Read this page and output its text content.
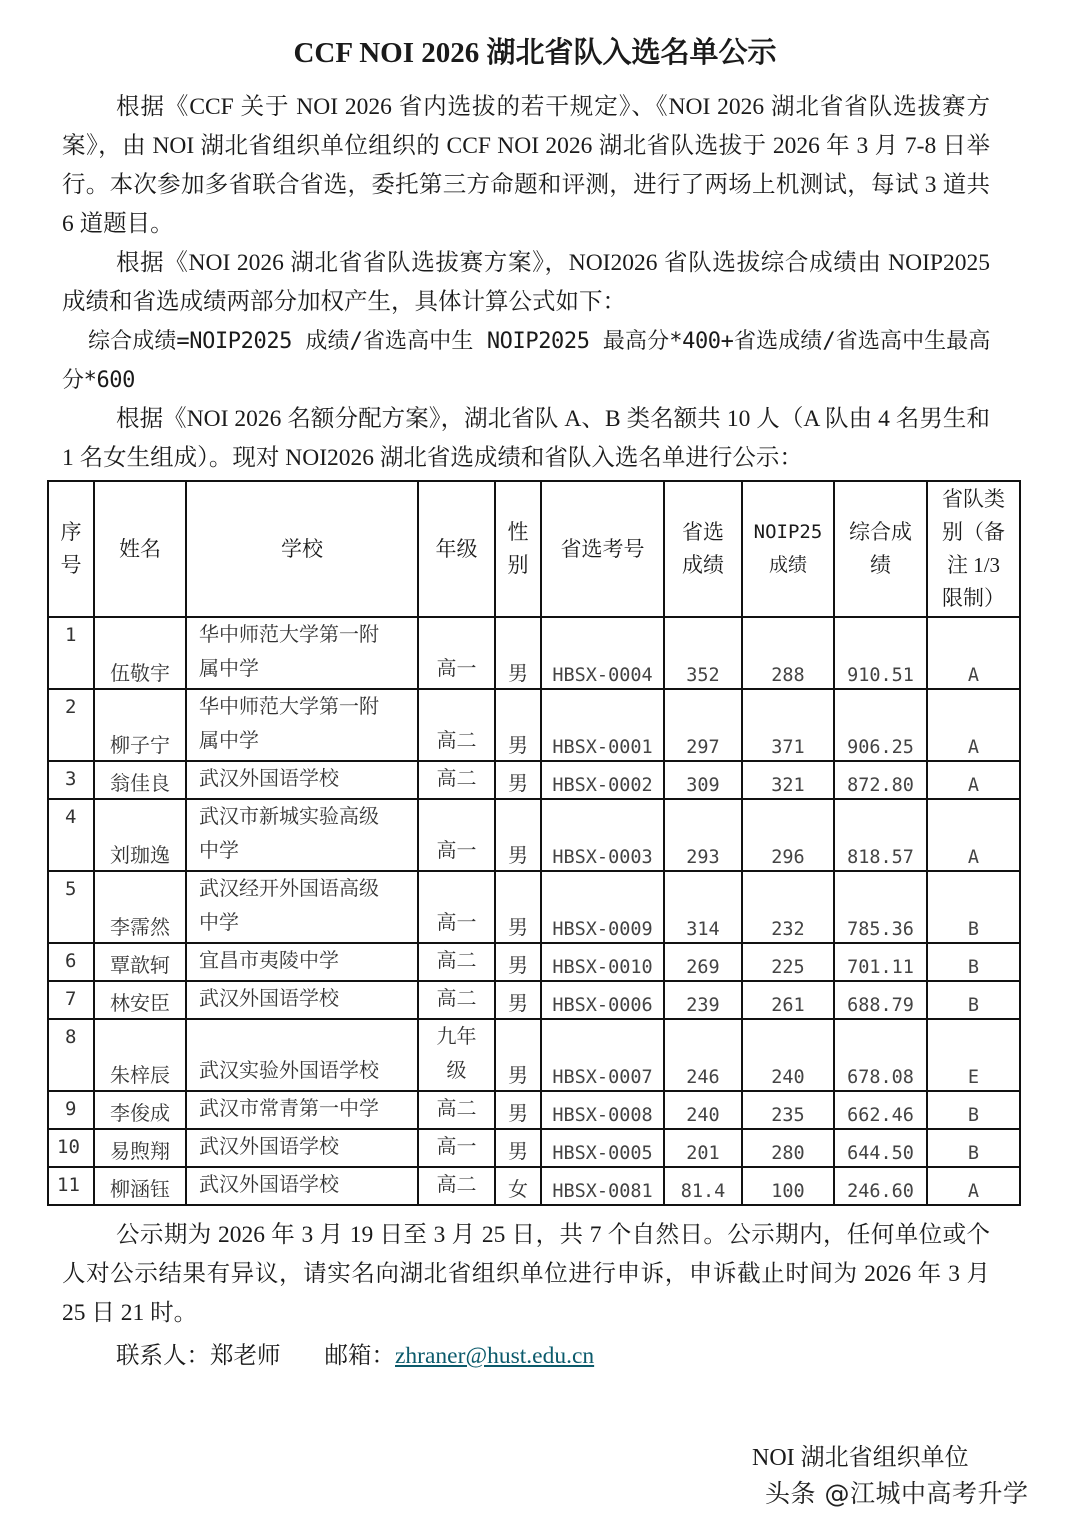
CCF NOI 2026 湖北省队入选名单公示
根据《CCF 关于 NOI 2026 省内选拔的若干规定》、《NOI 2026 湖北省省队选拔赛方案》，由 NOI 湖北省组织单位组织的 CCF NOI 2026 湖北省队选拔于 2026 年 3 月 7-8 日举行。本次参加多省联合省选，委托第三方命题和评测，进行了两场上机测试，每试 3 道共 6 道题目。
根据《NOI 2026 湖北省省队选拔赛方案》，NOI2026 省队选拔综合成绩由 NOIP2025 成绩和省选成绩两部分加权产生，具体计算公式如下：
综合成绩=NOIP2025 成绩/省选高中生 NOIP2025 最高分*400+省选成绩/省选高中生最高分*600
根据《NOI 2026 名额分配方案》，湖北省队 A、B 类名额共 10 人（A 队由 4 名男生和 1 名女生组成）。现对 NOI2026 湖北省选成绩和省队入选名单进行公示：
序号	姓名	学校	年级	性别	省选考号	省选成绩	NOIP25 成绩	综合成绩	省队类别（备注 1/3 限制）
1	伍敬宇	华中师范大学第一附属中学	高一	男	HBSX-0004	352	288	910.51	A
2	柳子宁	华中师范大学第一附属中学	高二	男	HBSX-0001	297	371	906.25	A
3	翁佳良	武汉外国语学校	高二	男	HBSX-0002	309	321	872.80	A
4	刘珈逸	武汉市新城实验高级中学	高一	男	HBSX-0003	293	296	818.57	A
5	李霈然	武汉经开外国语高级中学	高一	男	HBSX-0009	314	232	785.36	B
6	覃歆轲	宜昌市夷陵中学	高二	男	HBSX-0010	269	225	701.11	B
7	林安臣	武汉外国语学校	高二	男	HBSX-0006	239	261	688.79	B
8	朱梓辰	武汉实验外国语学校	九年级	男	HBSX-0007	246	240	678.08	E
9	李俊成	武汉市常青第一中学	高二	男	HBSX-0008	240	235	662.46	B
10	易煦翔	武汉外国语学校	高一	男	HBSX-0005	201	280	644.50	B
11	柳涵钰	武汉外国语学校	高二	女	HBSX-0081	81.4	100	246.60	A
公示期为 2026 年 3 月 19 日至 3 月 25 日，共 7 个自然日。公示期内，任何单位或个人对公示结果有异议，请实名向湖北省组织单位进行申诉，申诉截止时间为 2026 年 3 月 25 日 21 时。
联系人：郑老师 邮箱：zhraner@hust.edu.cn
NOI 湖北省组织单位
头条 @江城中高考升学
